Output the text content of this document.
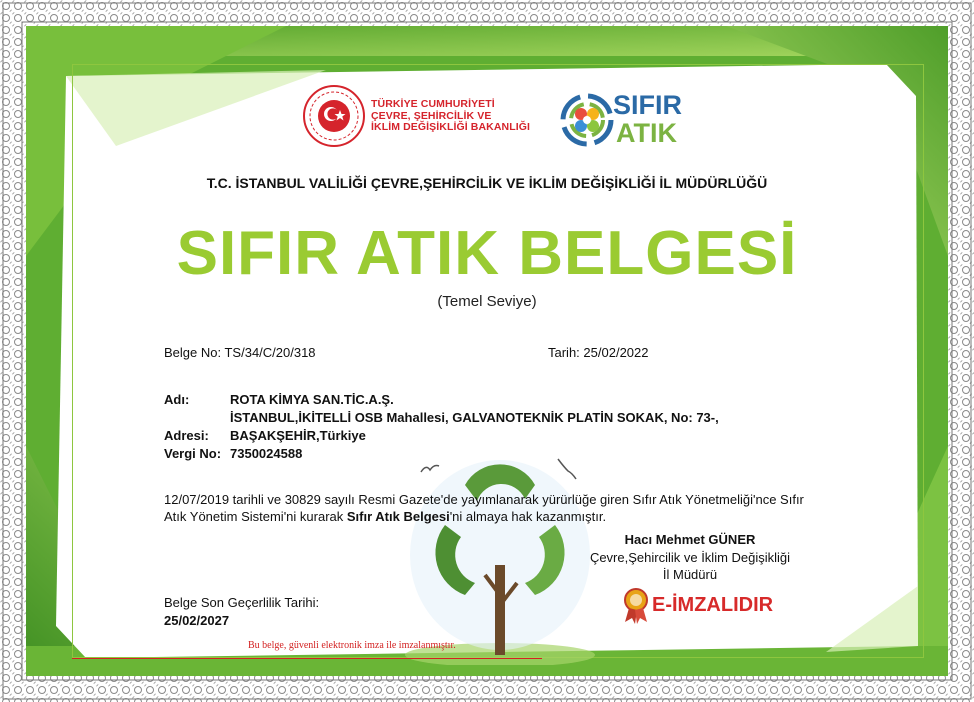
TÜRKİYE CUMHURİYETİ
ÇEVRE, ŞEHİRCİLİK VE
İKLİM DEĞİŞİKLİĞİ BAKANLIĞI
SIFIR
ATIK
T.C. İSTANBUL VALİLİĞİ ÇEVRE,ŞEHİRCİLİK VE İKLİM DEĞİŞİKLİĞİ İL MÜDÜRLÜĞÜ
SIFIR ATIK BELGESİ
(Temel Seviye)
Belge No: TS/34/C/20/318	Tarih: 25/02/2022
Adı:	ROTA KİMYA SAN.TİC.A.Ş.
İSTANBUL,İKİTELLİ OSB Mahallesi, GALVANOTEKNİK PLATİN SOKAK, No: 73-,
Adresi: BAŞAKŞEHİR,Türkiye
Vergi No: 7350024588
12/07/2019 tarihli ve 30829 sayılı Resmi Gazete'de yayımlanarak yürürlüğe giren Sıfır Atık Yönetmeliği'nce Sıfır Atık Yönetim Sistemi'ni kurarak Sıfır Atık Belgesi'ni almaya hak kazanmıştır.
Hacı Mehmet GÜNER
Çevre,Şehircilik ve İklim Değişikliği
İl Müdürü
E-İMZALIDIR
Belge Son Geçerlilik Tarihi:
25/02/2027
Bu belge, güvenli elektronik imza ile imzalanmıştır.
